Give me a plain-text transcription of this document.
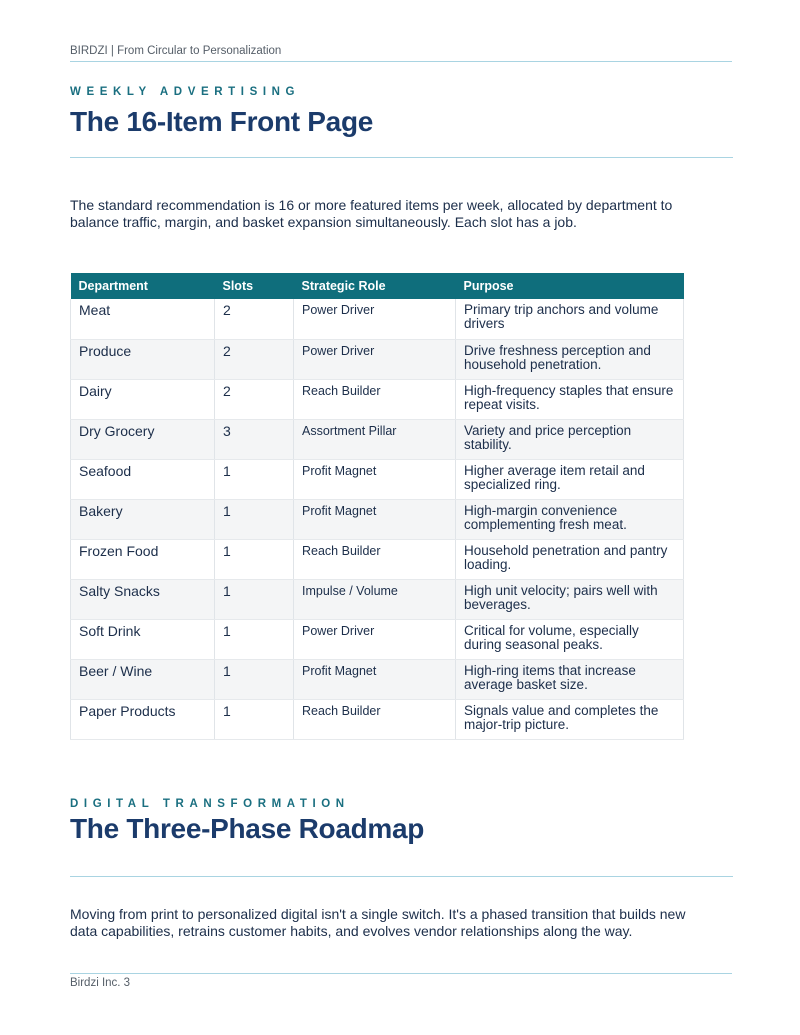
BIRDZI | From Circular to Personalization
WEEKLY ADVERTISING
The 16-Item Front Page
The standard recommendation is 16 or more featured items per week, allocated by department to balance traffic, margin, and basket expansion simultaneously. Each slot has a job.
Department	Slots	Strategic Role	Purpose
Meat	2	Power Driver	Primary trip anchors and volume drivers
Produce	2	Power Driver	Drive freshness perception and household penetration.
Dairy	2	Reach Builder	High-frequency staples that ensure repeat visits.
Dry Grocery	3	Assortment Pillar	Variety and price perception stability.
Seafood	1	Profit Magnet	Higher average item retail and specialized ring.
Bakery	1	Profit Magnet	High-margin convenience complementing fresh meat.
Frozen Food	1	Reach Builder	Household penetration and pantry loading.
Salty Snacks	1	Impulse / Volume	High unit velocity; pairs well with beverages.
Soft Drink	1	Power Driver	Critical for volume, especially during seasonal peaks.
Beer / Wine	1	Profit Magnet	High-ring items that increase average basket size.
Paper Products	1	Reach Builder	Signals value and completes the major-trip picture.
DIGITAL TRANSFORMATION
The Three-Phase Roadmap
Moving from print to personalized digital isn't a single switch. It's a phased transition that builds new data capabilities, retrains customer habits, and evolves vendor relationships along the way.
Birdzi Inc. 3
